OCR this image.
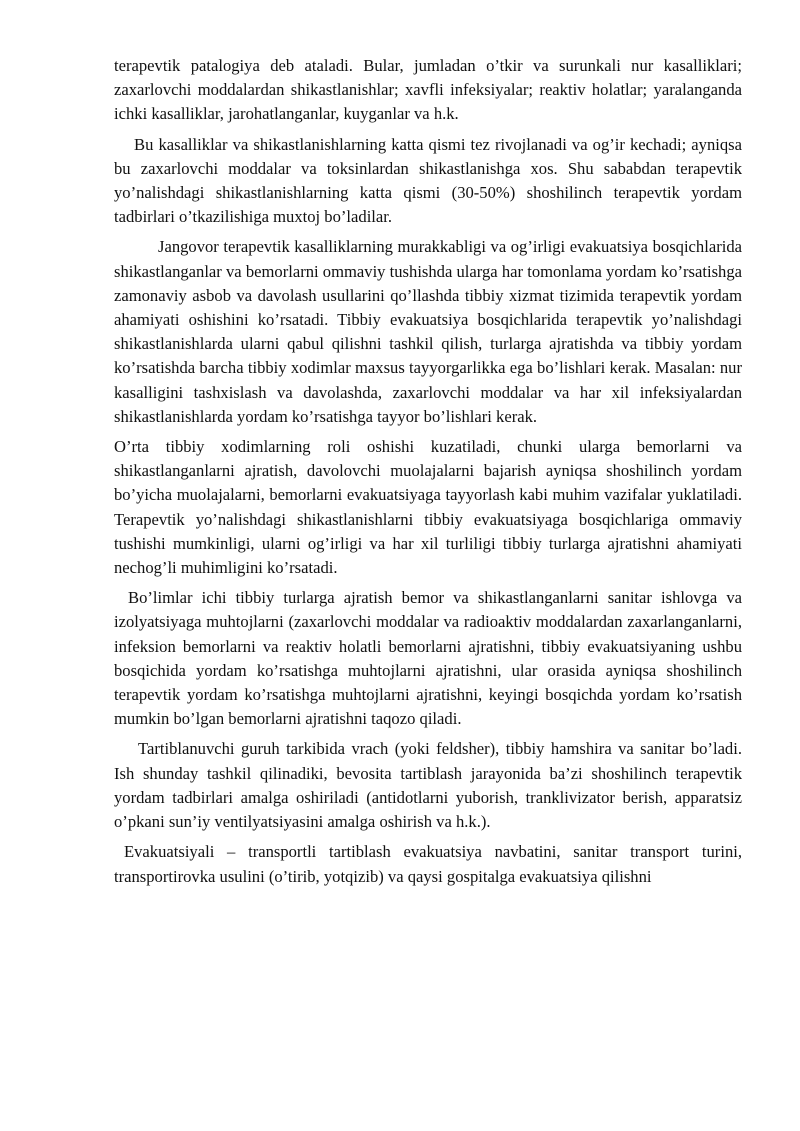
terapevtik patalogiya deb ataladi. Bular, jumladan o’tkir va surunkali nur kasalliklari; zaxarlovchi moddalardan shikastlanishlar; xavfli infeksiyalar; reaktiv holatlar; yaralanganda ichki kasalliklar, jarohatlanganlar, kuyganlar va h.k.

Bu kasalliklar va shikastlanishlarning katta qismi tez rivojlanadi va og’ir kechadi; ayniqsa bu zaxarlovchi moddalar va toksinlardan shikastlanishga xos. Shu sababdan terapevtik yo’nalishdagi shikastlanishlarning katta qismi (30-50%) shoshilinch terapevtik yordam tadbirlari o’tkazilishiga muxtoj bo’ladilar.

Jangovor terapevtik kasalliklarning murakkabligi va og’irligi evakuatsiya bosqichlarida shikastlanganlar va bemorlarni ommaviy tushishda ularga har tomonlama yordam ko’rsatishga zamonaviy asbob va davolash usullarini qo’llashda tibbiy xizmat tizimida terapevtik yordam ahamiyati oshishini ko’rsatadi. Tibbiy evakuatsiya bosqichlarida terapevtik yo’nalishdagi shikastlanishlarda ularni qabul qilishni tashkil qilish, turlarga ajratishda va tibbiy yordam ko’rsatishda barcha tibbiy xodimlar maxsus tayyorgarlikka ega bo’lishlari kerak. Masalan: nur kasalligini tashxislash va davolashda, zaxarlovchi moddalar va har xil infeksiyalardan shikastlanishlarda yordam ko’rsatishga tayyor bo’lishlari kerak.

O’rta tibbiy xodimlarning roli oshishi kuzatiladi, chunki ularga bemorlarni va shikastlanganlarni ajratish, davolovchi muolajalarni bajarish ayniqsa shoshilinch yordam bo’yicha muolajalarni, bemorlarni evakuatsiyaga tayyorlash kabi muhim vazifalar yuklatiladi. Terapevtik yo’nalishdagi shikastlanishlarni tibbiy evakuatsiyaga bosqichlariga ommaviy tushishi mumkinligi, ularni og’irligi va har xil turliligi tibbiy turlarga ajratishni ahamiyati nechog’li muhimligini ko’rsatadi.

Bo’limlar ichi tibbiy turlarga ajratish bemor va shikastlanganlarni sanitar ishlovga va izolyatsiyaga muhtojlarni (zaxarlovchi moddalar va radioaktiv moddalardan zaxarlanganlarni, infeksion bemorlarni va reaktiv holatli bemorlarni ajratishni, tibbiy evakuatsiyaning ushbu bosqichida yordam ko’rsatishga muhtojlarni ajratishni, ular orasida ayniqsa shoshilinch terapevtik yordam ko’rsatishga muhtojlarni ajratishni, keyingi bosqichda yordam ko’rsatish mumkin bo’lgan bemorlarni ajratishni taqozo qiladi.

Tartiblanuvchi guruh tarkibida vrach (yoki feldsher), tibbiy hamshira va sanitar bo’ladi. Ish shunday tashkil qilinadiki, bevosita tartiblash jarayonida ba’zi shoshilinch terapevtik yordam tadbirlari amalga oshiriladi (antidotlarni yuborish, tranklivizator berish, apparatsiz o’pkani sun’iy ventilyatsiyasini amalga oshirish va h.k.).

Evakuatsiyali – transportli tartiblash evakuatsiya navbatini, sanitar transport turini, transportirovka usulini (o’tirib, yotqizib) va qaysi gospitalga evakuatsiya qilishni
